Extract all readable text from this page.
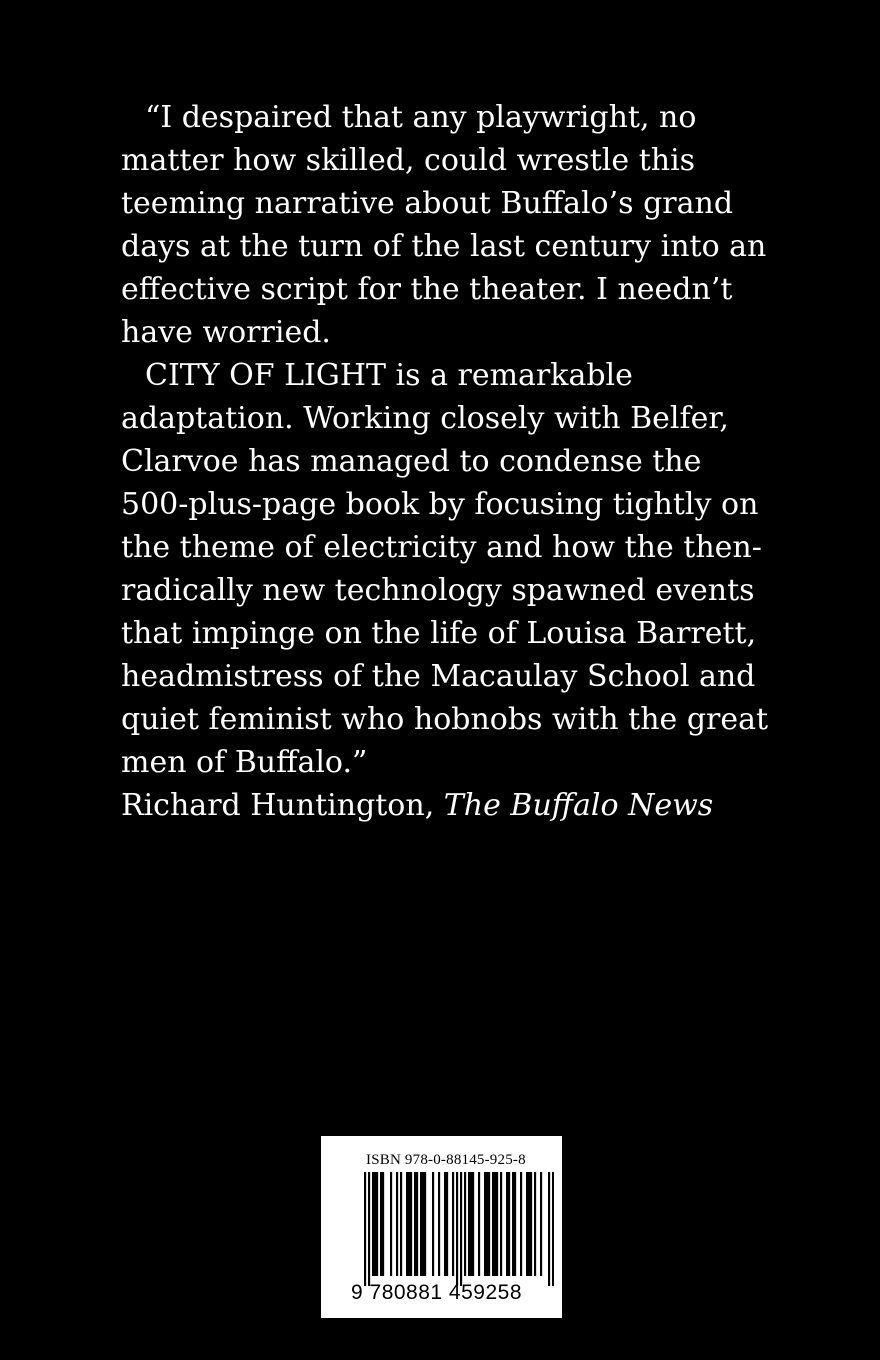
“I despaired that any playwright, no
matter how skilled, could wrestle this
teeming narrative about Buffalo’s grand
days at the turn of the last century into an
effective script for the theater. I needn’t
have worried.
CITY OF LIGHT is a remarkable
adaptation. Working closely with Belfer,
Clarvoe has managed to condense the
500-plus-page book by focusing tightly on
the theme of electricity and how the then-
radically new technology spawned events
that impinge on the life of Louisa Barrett,
headmistress of the Macaulay School and
quiet feminist who hobnobs with the great
men of Buffalo.”
Richard Huntington, The Buffalo News
ISBN 978-0-88145-925-8
9 780881 459258
